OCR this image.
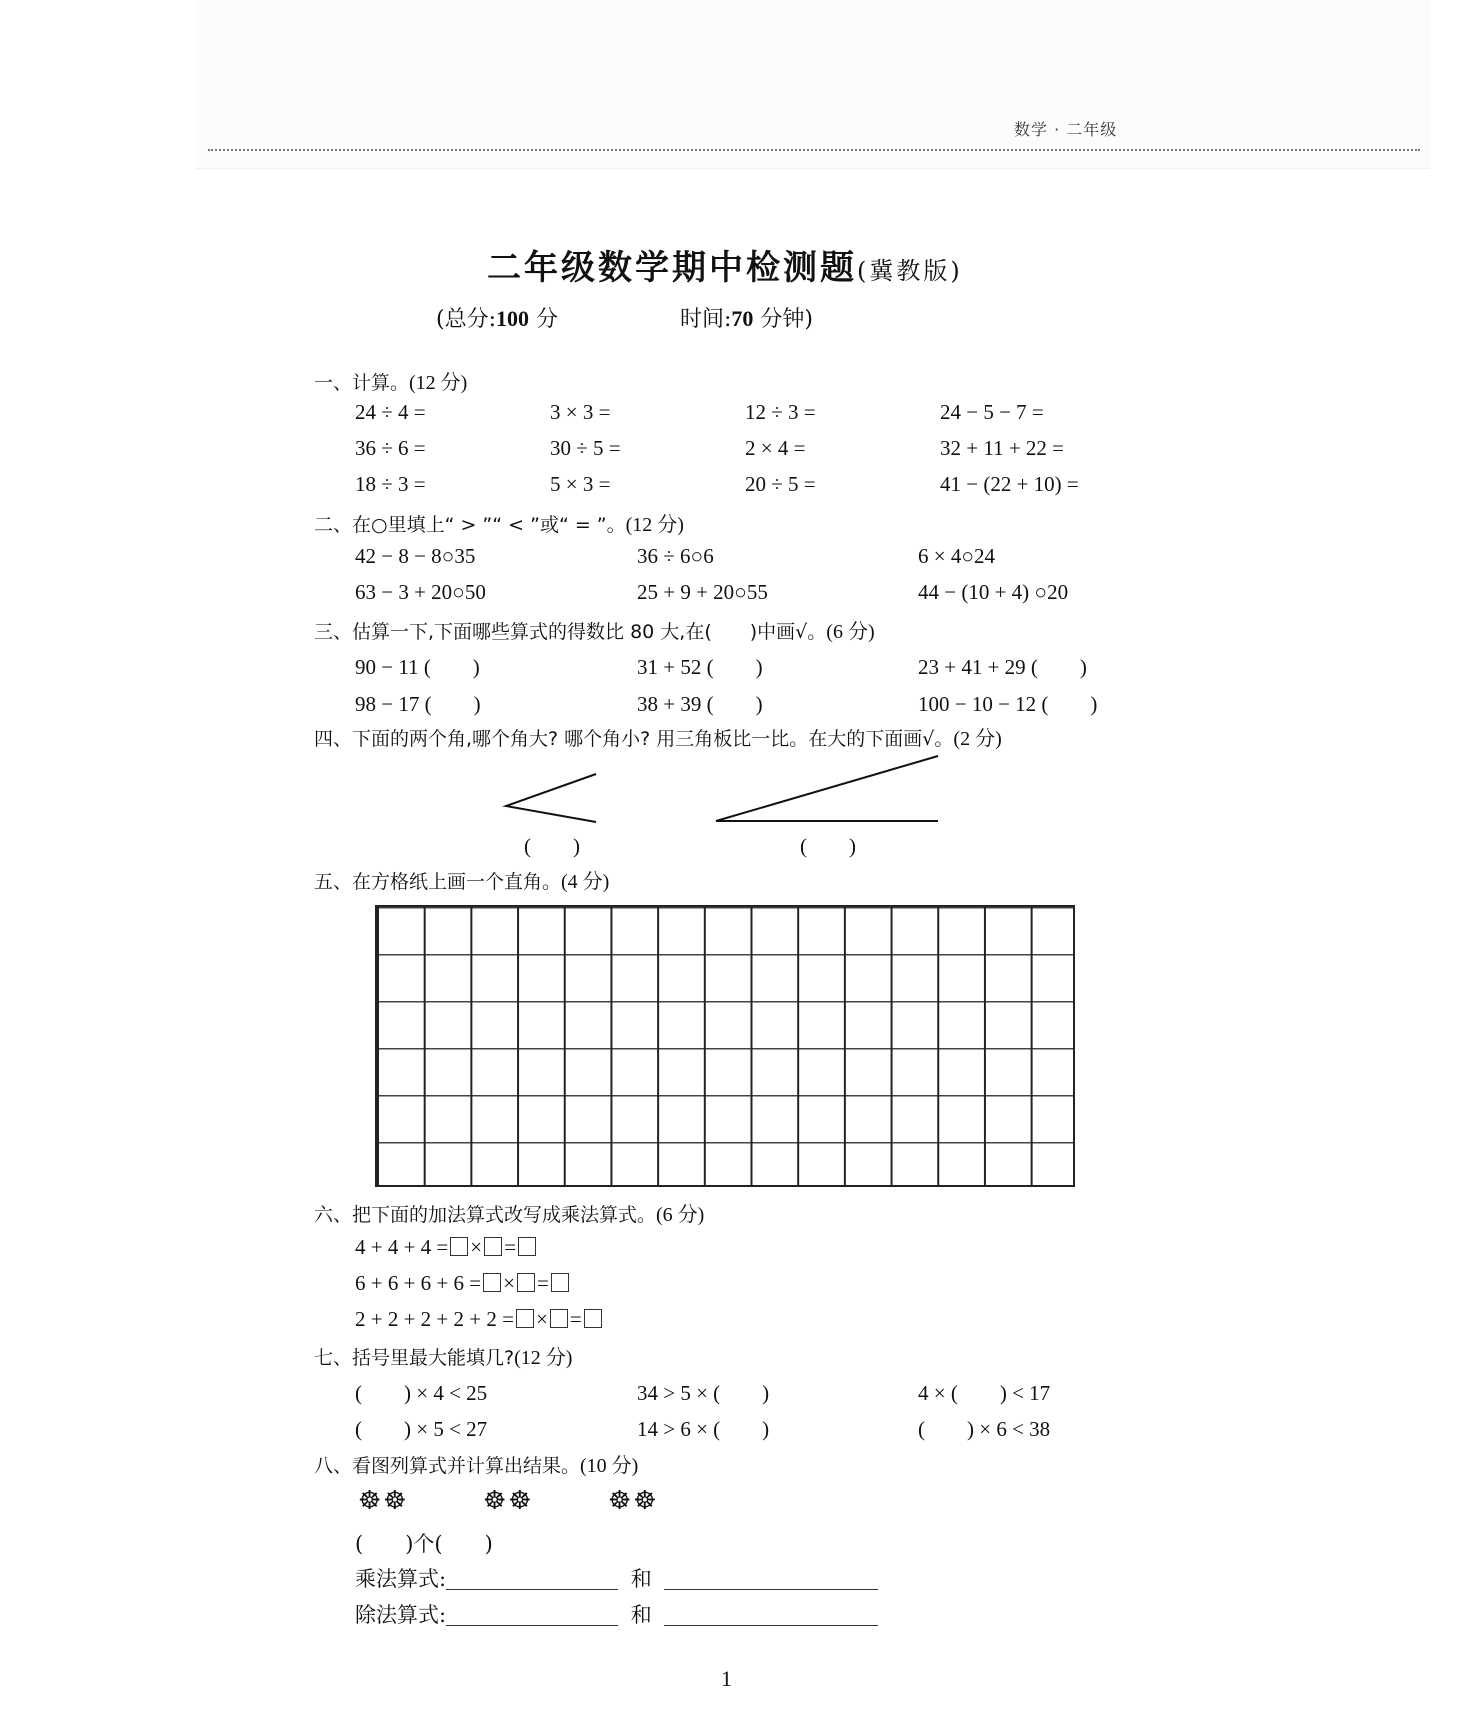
数学 · 二年级
二年级数学期中检测题(冀教版)
(总分:100 分	时间:70 分钟)
一、计算。(12 分)
24 ÷ 4 =	3 × 3 =	12 ÷ 3 =	24 − 5 − 7 =
36 ÷ 6 =	30 ÷ 5 =	2 × 4 =	32 + 11 + 22 =
18 ÷ 3 =	5 × 3 =	20 ÷ 5 =	41 − (22 + 10) =
二、在○里填上“ > ”“ < ”或“ = ”。(12 分)
42 − 8 − 8○35	36 ÷ 6○6	6 × 4○24
63 − 3 + 20○50	25 + 9 + 20○55	44 − (10 + 4) ○20
三、估算一下,下面哪些算式的得数比 80 大,在(　　)中画√。(6 分)
90 − 11 (　　)	31 + 52 (　　)	23 + 41 + 29 (　　)
98 − 17 (　　)	38 + 39 (　　)	100 − 10 − 12 (　　)
四、下面的两个角,哪个角大? 哪个角小? 用三角板比一比。在大的下面画√。(2 分)
(　　)	(　　)
五、在方格纸上画一个直角。(4 分)
六、把下面的加法算式改写成乘法算式。(6 分)
4 + 4 + 4 = × =
6 + 6 + 6 + 6 = × =
2 + 2 + 2 + 2 + 2 = × =
七、括号里最大能填几?(12 分)
(　　) × 4 < 25	34 > 5 × (　　)	4 × (　　) < 17
(　　) × 5 < 27	14 > 6 × (　　)	(　　) × 6 < 38
八、看图列算式并计算出结果。(10 分)
☸☸	☸☸	☸☸
(　　)个(　　)
乘法算式:	和
除法算式:	和
1
